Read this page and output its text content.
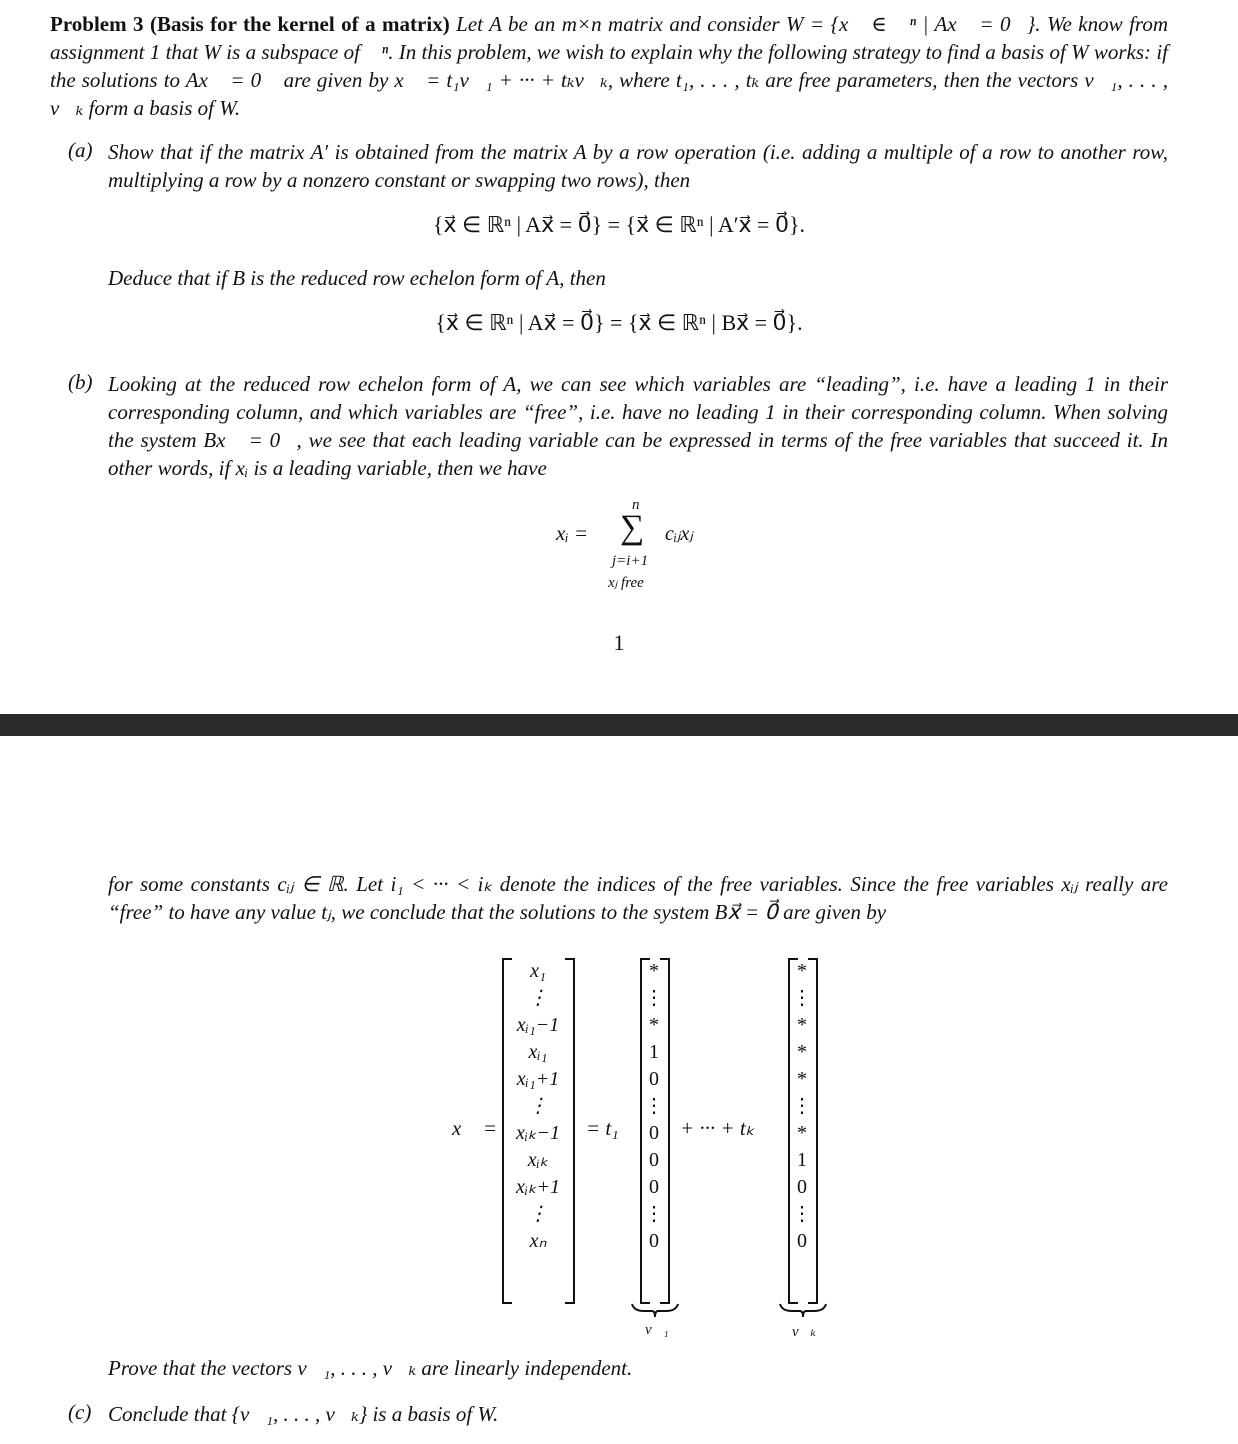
Problem 3 (Basis for the kernel of a matrix) Let A be an m×n matrix and consider W = {x⃗ ∈ ℝⁿ | Ax⃗ = 0⃗}. We know from assignment 1 that W is a subspace of ℝⁿ. In this problem, we wish to explain why the following strategy to find a basis of W works: if the solutions to Ax⃗ = 0⃗ are given by x⃗ = t₁v⃗₁ + ··· + tₖv⃗ₖ, where t₁, . . . , tₖ are free parameters, then the vectors v⃗₁, . . . , v⃗ₖ form a basis of W.
(a) Show that if the matrix A′ is obtained from the matrix A by a row operation (i.e. adding a multiple of a row to another row, multiplying a row by a nonzero constant or swapping two rows), then
{x⃗ ∈ ℝⁿ | Ax⃗ = 0⃗} = {x⃗ ∈ ℝⁿ | A′x⃗ = 0⃗}.
Deduce that if B is the reduced row echelon form of A, then
{x⃗ ∈ ℝⁿ | Ax⃗ = 0⃗} = {x⃗ ∈ ℝⁿ | Bx⃗ = 0⃗}.
(b) Looking at the reduced row echelon form of A, we can see which variables are “leading”, i.e. have a leading 1 in their corresponding column, and which variables are “free”, i.e. have no leading 1 in their corresponding column. When solving the system Bx⃗ = 0⃗, we see that each leading variable can be expressed in terms of the free variables that succeed it. In other words, if xᵢ is a leading variable, then we have
xᵢ =
n
∑ cᵢⱼxⱼ
j=i+1
xⱼ free
1
for some constants cᵢⱼ ∈ ℝ. Let i₁ < ··· < iₖ denote the indices of the free variables. Since the free variables xᵢⱼ really are “free” to have any value tⱼ, we conclude that the solutions to the system Bx⃗ = 0⃗ are given by
x⃗ =
x₁
⋮
xᵢ₁−1
xᵢ₁
xᵢ₁+1
⋮
xᵢₖ−1
xᵢₖ
xᵢₖ+1
⋮
xₙ
= t₁
*
⋮
*
1
0
⋮
0
0
0
⋮
0
+ ··· + tₖ
*
⋮
*
*
*
⋮
*
1
0
⋮
0
v⃗₁	v⃗ₖ
Prove that the vectors v⃗₁, . . . , v⃗ₖ are linearly independent.
(c) Conclude that {v⃗₁, . . . , v⃗ₖ} is a basis of W.
